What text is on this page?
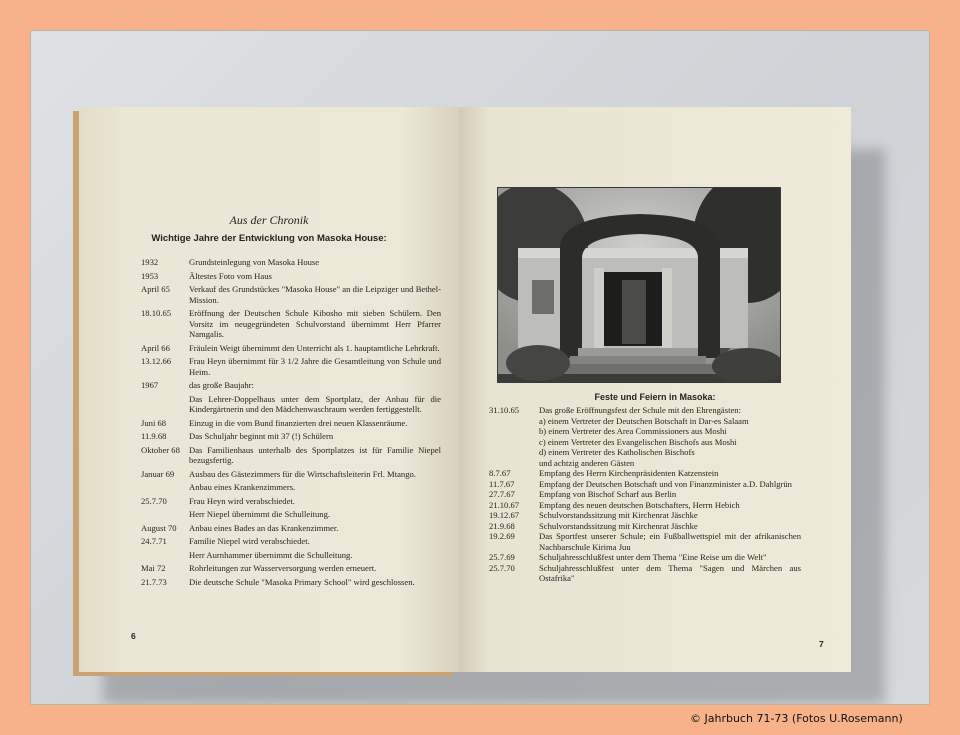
Aus der Chronik
Wichtige Jahre der Entwicklung von Masoka House:
1932	Grundsteinlegung von Masoka House
1953	Ältestes Foto vom Haus
April 65	Verkauf des Grundstückes "Masoka House" an die Leipziger und Bethel-Mission.
18.10.65	Eröffnung der Deutschen Schule Kibosho mit sieben Schülern. Den Vorsitz im neugegründeten Schulvorstand übernimmt Herr Pfarrer Namgalis.
April 66	Fräulein Weigt übernimmt den Unterricht als 1. hauptamtliche Lehrkraft.
13.12.66	Frau Heyn übernimmt für 3 1/2 Jahre die Gesamtleitung von Schule und Heim.
1967	das große Baujahr:
Das Lehrer-Doppelhaus unter dem Sportplatz, der Anbau für die Kindergärtnerin und den Mädchenwaschraum werden fertiggestellt.
Juni 68	Einzug in die vom Bund finanzierten drei neuen Klassenräume.
11.9.68	Das Schuljahr beginnt mit 37 (!) Schülern
Oktober 68	Das Familienhaus unterhalb des Sportplatzes ist für Familie Niepel bezugsfertig.
Januar 69	Ausbau des Gästezimmers für die Wirtschaftsleiterin Frl. Mtango.
Anbau eines Krankenzimmers.
25.7.70	Frau Heyn wird verabschiedet.
Herr Niepel übernimmt die Schulleitung.
August 70	Anbau eines Bades an das Krankenzimmer.
24.7.71	Familie Niepel wird verabschiedet.
Herr Aurnhammer übernimmt die Schulleitung.
Mai 72	Rohrleitungen zur Wasserversorgung werden erneuert.
21.7.73	Die deutsche Schule "Masoka Primary School" wird geschlossen.
6
Feste und Feiern in Masoka:
31.10.65	Das große Eröffnungsfest der Schule mit den Ehrengästen:
a) einem Vertreter der Deutschen Botschaft in Dar-es Salaam
b) einem Vertreter des Area Commissioners aus Moshi
c) einem Vertreter des Evangelischen Bischofs aus Moshi
d) einem Vertreter des Katholischen Bischofs
und achtzig anderen Gästen
8.7.67	Empfang des Herrn Kirchenpräsidenten Katzenstein
11.7.67	Empfang der Deutschen Botschaft und von Finanzminister a.D. Dahlgrün
27.7.67	Empfang von Bischof Scharf aus Berlin
21.10.67	Empfang des neuen deutschen Botschafters, Herrn Hebich
19.12.67	Schulvorstandssitzung mit Kirchenrat Jäschke
21.9.68	Schulvorstandssitzung mit Kirchenrat Jäschke
19.2.69	Das Sportfest unserer Schule; ein Fußballwettspiel mit der afrikanischen Nachbarschule Kirima Juu
25.7.69	Schuljahresschlußfest unter dem Thema "Eine Reise um die Welt"
25.7.70	Schuljahresschlußfest unter dem Thema "Sagen und Märchen aus Ostafrika"
7
© Jahrbuch 71-73 (Fotos U.Rosemann)
